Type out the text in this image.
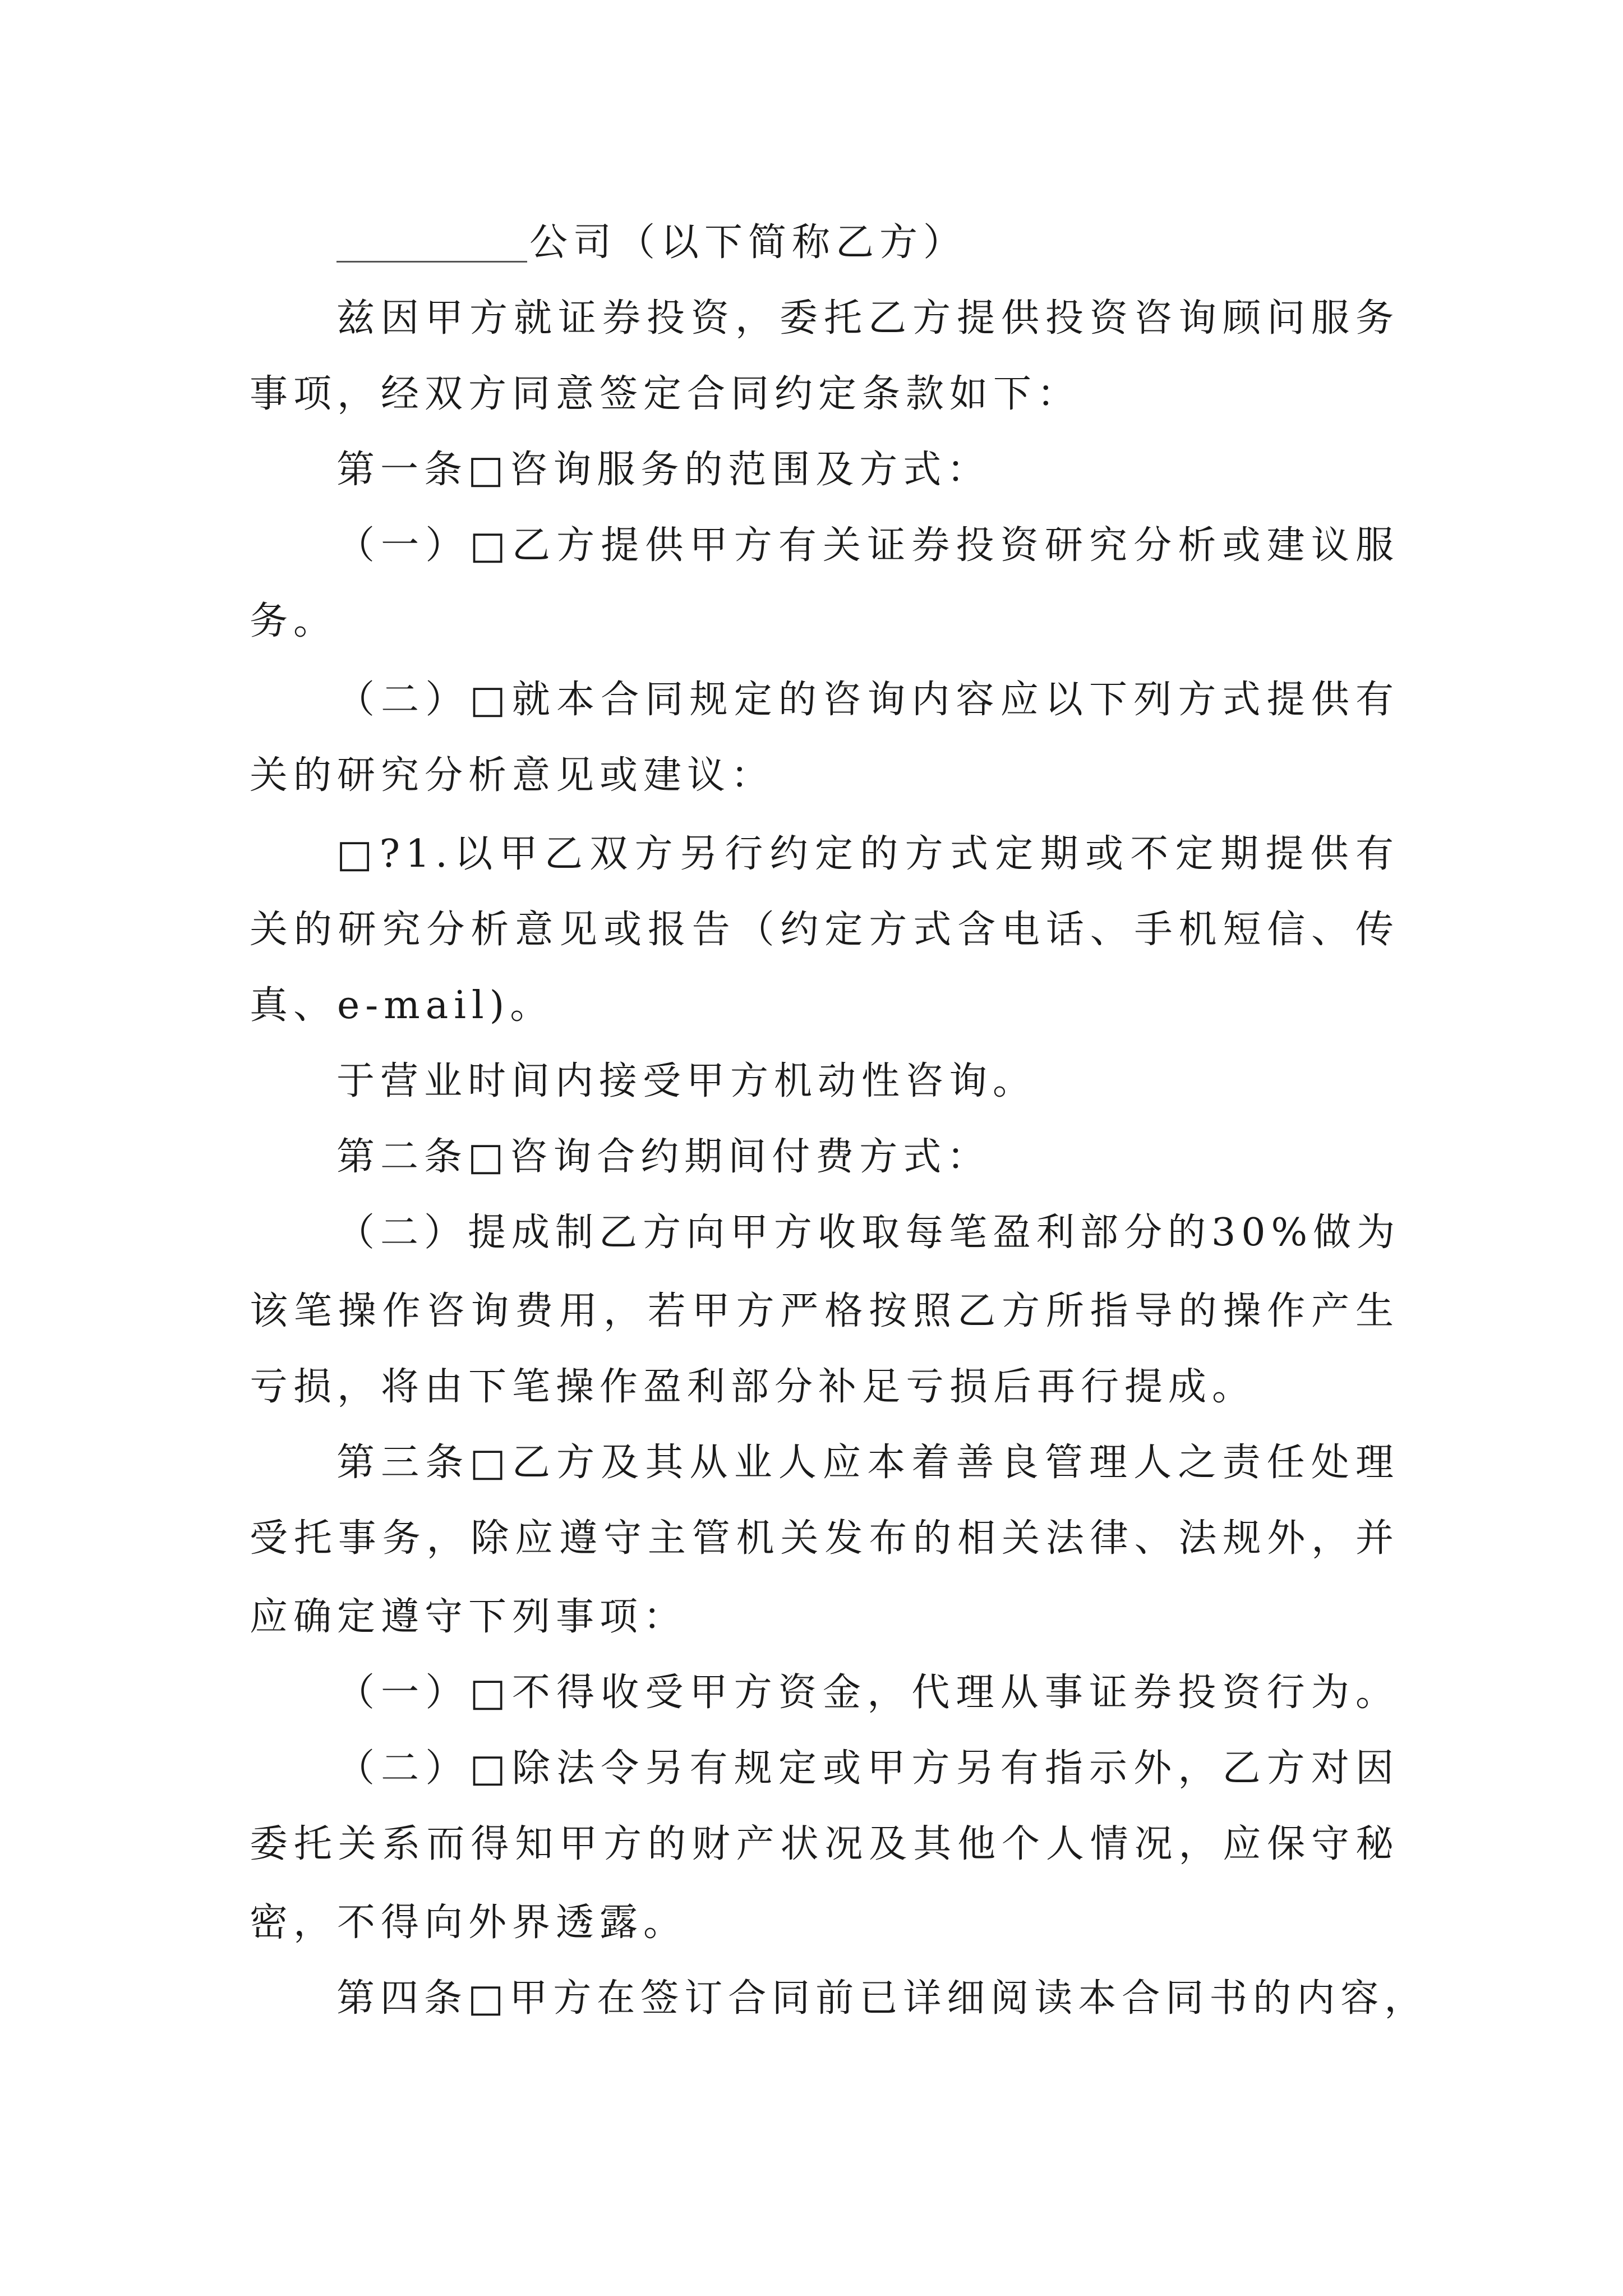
公司（以下简称乙方）

兹因甲方就证券投资，委托乙方提供投资咨询顾问服务

事项，经双方同意签定合同约定条款如下：

第一条□咨询服务的范围及方式：

（一）□乙方提供甲方有关证券投资研究分析或建议服

务。

（二）□就本合同规定的咨询内容应以下列方式提供有

关的研究分析意见或建议：

□?1.以甲乙双方另行约定的方式定期或不定期提供有

关的研究分析意见或报告（约定方式含电话、手机短信、传

真、e-mail)。

于营业时间内接受甲方机动性咨询。

第二条□咨询合约期间付费方式：

（二）提成制乙方向甲方收取每笔盈利部分的30%做为

该笔操作咨询费用，若甲方严格按照乙方所指导的操作产生

亏损，将由下笔操作盈利部分补足亏损后再行提成。

第三条□乙方及其从业人应本着善良管理人之责任处理

受托事务，除应遵守主管机关发布的相关法律、法规外，并

应确定遵守下列事项：

（一）□不得收受甲方资金，代理从事证券投资行为。

（二）□除法令另有规定或甲方另有指示外，乙方对因

委托关系而得知甲方的财产状况及其他个人情况，应保守秘

密，不得向外界透露。

第四条□甲方在签订合同前已详细阅读本合同书的内容，
